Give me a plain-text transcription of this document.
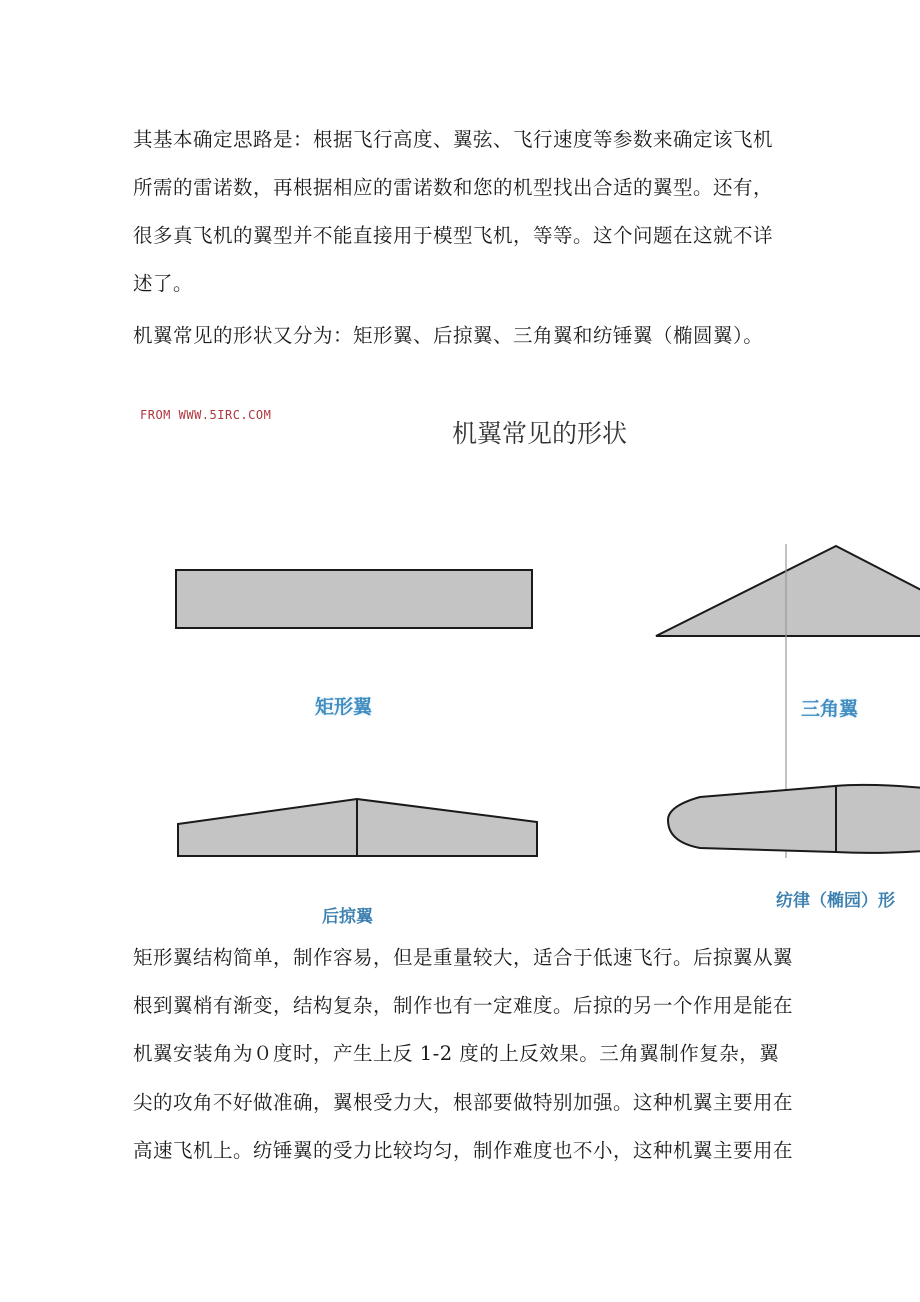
其基本确定思路是：根据飞行高度、翼弦、飞行速度等参数来确定该飞机
所需的雷诺数，再根据相应的雷诺数和您的机型找出合适的翼型。还有，
很多真飞机的翼型并不能直接用于模型飞机，等等。这个问题在这就不详
述了。

机翼常见的形状又分为：矩形翼、后掠翼、三角翼和纺锤翼（椭圆翼）。

FROM WWW.5IRC.COM
机翼常见的形状
矩形翼	三角翼
后掠翼
纺律（椭园）形
矩形翼结构简单，制作容易，但是重量较大，适合于低速飞行。后掠翼从翼
根到翼梢有渐变，结构复杂，制作也有一定难度。后掠的另一个作用是能在
机翼安装角为０度时，产生上反 1-2 度的上反效果。三角翼制作复杂，翼
尖的攻角不好做准确，翼根受力大，根部要做特别加强。这种机翼主要用在
高速飞机上。纺锤翼的受力比较均匀，制作难度也不小，这种机翼主要用在
